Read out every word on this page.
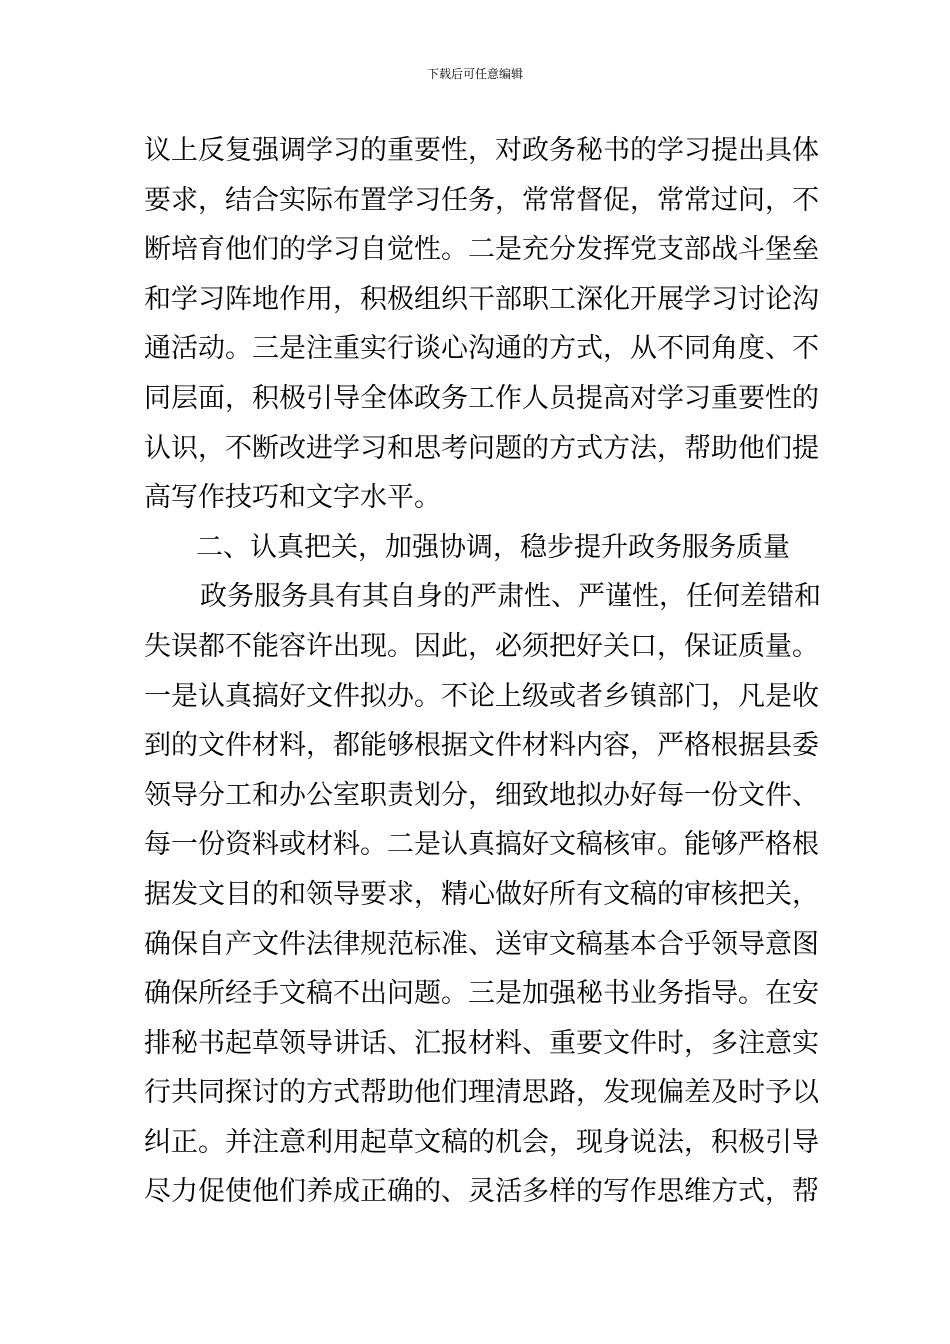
下载后可任意编辑
议上反复强调学习的重要性，对政务秘书的学习提出具体
要求，结合实际布置学习任务，常常督促，常常过问，不
断培育他们的学习自觉性。二是充分发挥党支部战斗堡垒
和学习阵地作用，积极组织干部职工深化开展学习讨论沟
通活动。三是注重实行谈心沟通的方式，从不同角度、不
同层面，积极引导全体政务工作人员提高对学习重要性的
认识，不断改进学习和思考问题的方式方法，帮助他们提
高写作技巧和文字水平。
二、认真把关，加强协调，稳步提升政务服务质量
政务服务具有其自身的严肃性、严谨性，任何差错和
失误都不能容许出现。因此，必须把好关口，保证质量。
一是认真搞好文件拟办。不论上级或者乡镇部门，凡是收
到的文件材料，都能够根据文件材料内容，严格根据县委
领导分工和办公室职责划分，细致地拟办好每一份文件、
每一份资料或材料。二是认真搞好文稿核审。能够严格根
据发文目的和领导要求，精心做好所有文稿的审核把关，
确保自产文件法律规范标准、送审文稿基本合乎领导意图
确保所经手文稿不出问题。三是加强秘书业务指导。在安
排秘书起草领导讲话、汇报材料、重要文件时，多注意实
行共同探讨的方式帮助他们理清思路，发现偏差及时予以
纠正。并注意利用起草文稿的机会，现身说法，积极引导
尽力促使他们养成正确的、灵活多样的写作思维方式，帮
